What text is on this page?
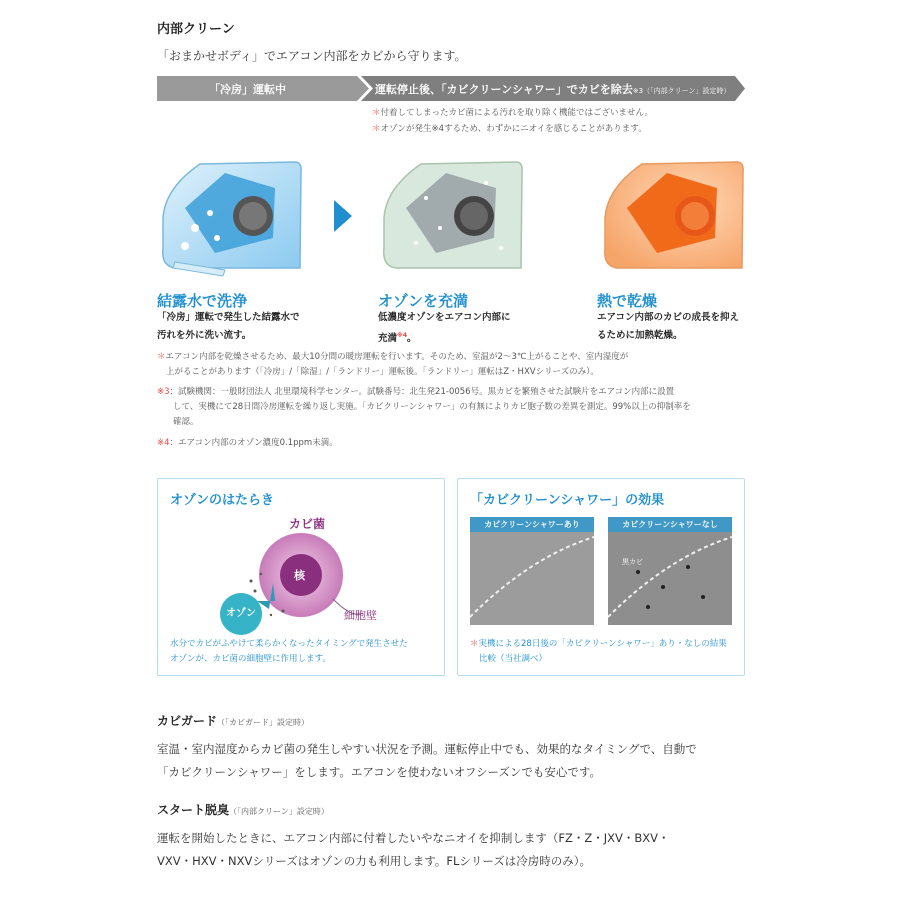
内部クリーン
「おまかせボディ」でエアコン内部をカビから守ります。
「冷房」運転中	運転停止後、「カビクリーンシャワー」でカビを除去※3（「内部クリーン」設定時）
＊付着してしまったカビ菌による汚れを取り除く機能ではございません。
＊オゾンが発生※4するため、わずかにニオイを感じることがあります。
結露水で洗浄
「冷房」運転で発生した結露水で
汚れを外に洗い流す。
オゾンを充満
低濃度オゾンをエアコン内部に
充満$^{※4}$。
熱で乾燥
エアコン内部のカビの成長を抑え
るために加熱乾燥。
＊エアコン内部を乾燥させるため、最大10分間の暖房運転を行います。そのため、室温が2～3℃上がることや、室内湿度が
上がることがあります（「冷房」/「除湿」/「ランドリー」運転後。「ランドリー」運転はZ・HXVシリーズのみ）。
※3：試験機関：一般財団法人 北里環境科学センター。試験番号：北生発21-0056号。黒カビを繁殖させた試験片をエアコン内部に設置
して、実機にて28日間冷房運転を繰り返し実施。「カビクリーンシャワー」の有無によりカビ胞子数の差異を測定。99%以上の抑制率を
確認。
※4：エアコン内部のオゾン濃度0.1ppm未満。
オゾンのはたらき
カビ菌
核
細胞壁
オゾン
水分でカビがふやけて柔らかくなったタイミングで発生させた
オゾンが、カビ菌の細胞壁に作用します。
「カビクリーンシャワー」の効果
カビクリーンシャワーあり	カビクリーンシャワーなし
黒カビ
＊実機による28日後の「カビクリーンシャワー」あり・なしの結果
比較（当社調べ）
カビガード（「カビガード」設定時）
室温・室内湿度からカビ菌の発生しやすい状況を予測。運転停止中でも、効果的なタイミングで、自動で
「カビクリーンシャワー」をします。エアコンを使わないオフシーズンでも安心です。
スタート脱臭（「内部クリーン」設定時）
運転を開始したときに、エアコン内部に付着したいやなニオイを抑制します（FZ・Z・JXV・BXV・
VXV・HXV・NXVシリーズはオゾンの力も利用します。FLシリーズは冷房時のみ）。
